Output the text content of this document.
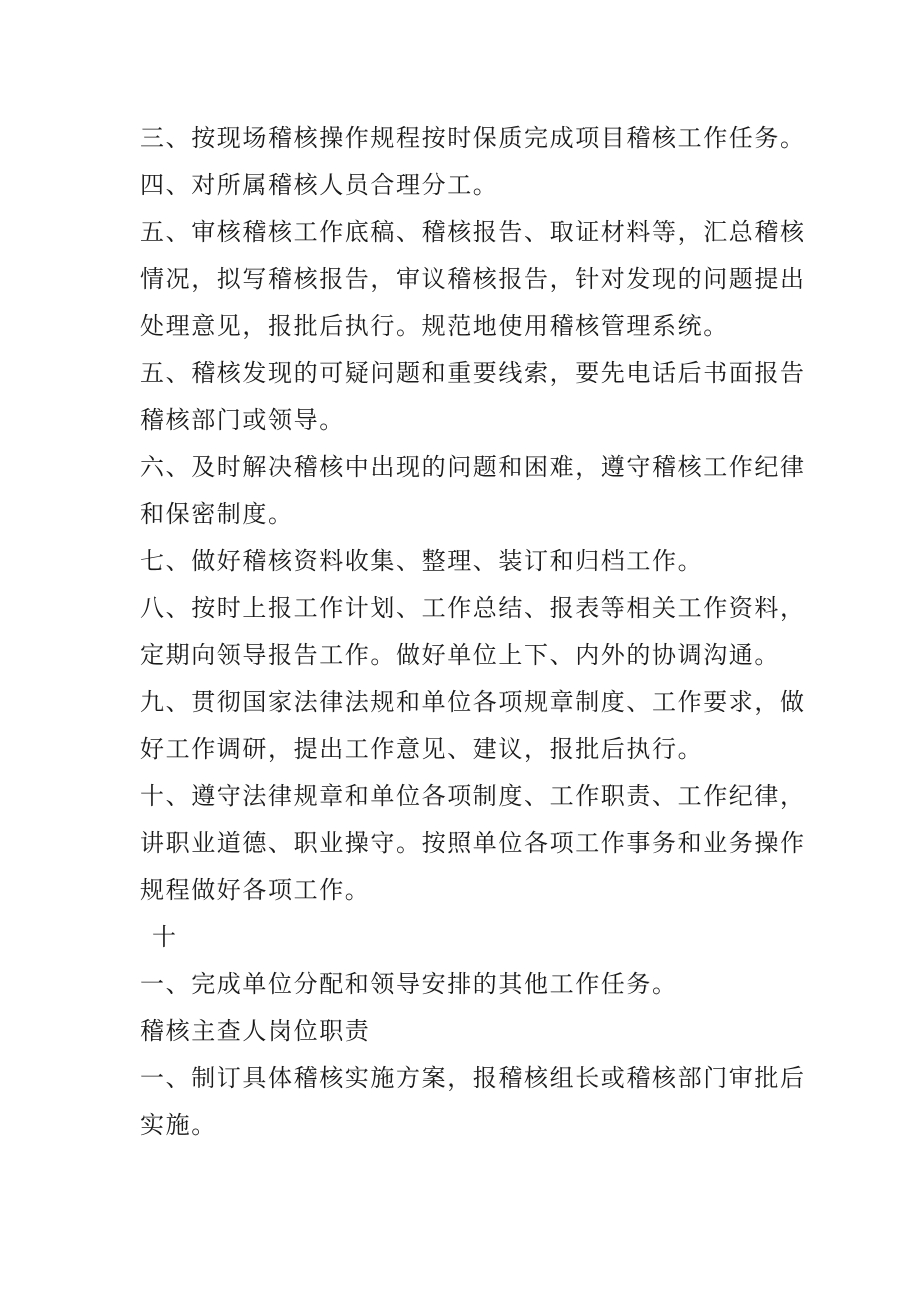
三、按现场稽核操作规程按时保质完成项目稽核工作任务。
四、对所属稽核人员合理分工。
五、审核稽核工作底稿、稽核报告、取证材料等，汇总稽核
情况，拟写稽核报告，审议稽核报告，针对发现的问题提出
处理意见，报批后执行。规范地使用稽核管理系统。
五、稽核发现的可疑问题和重要线索，要先电话后书面报告
稽核部门或领导。
六、及时解决稽核中出现的问题和困难，遵守稽核工作纪律
和保密制度。
七、做好稽核资料收集、整理、装订和归档工作。
八、按时上报工作计划、工作总结、报表等相关工作资料，
定期向领导报告工作。做好单位上下、内外的协调沟通。
九、贯彻国家法律法规和单位各项规章制度、工作要求，做
好工作调研，提出工作意见、建议，报批后执行。
十、遵守法律规章和单位各项制度、工作职责、工作纪律，
讲职业道德、职业操守。按照单位各项工作事务和业务操作
规程做好各项工作。
十
一、完成单位分配和领导安排的其他工作任务。
稽核主查人岗位职责
一、制订具体稽核实施方案，报稽核组长或稽核部门审批后
实施。
